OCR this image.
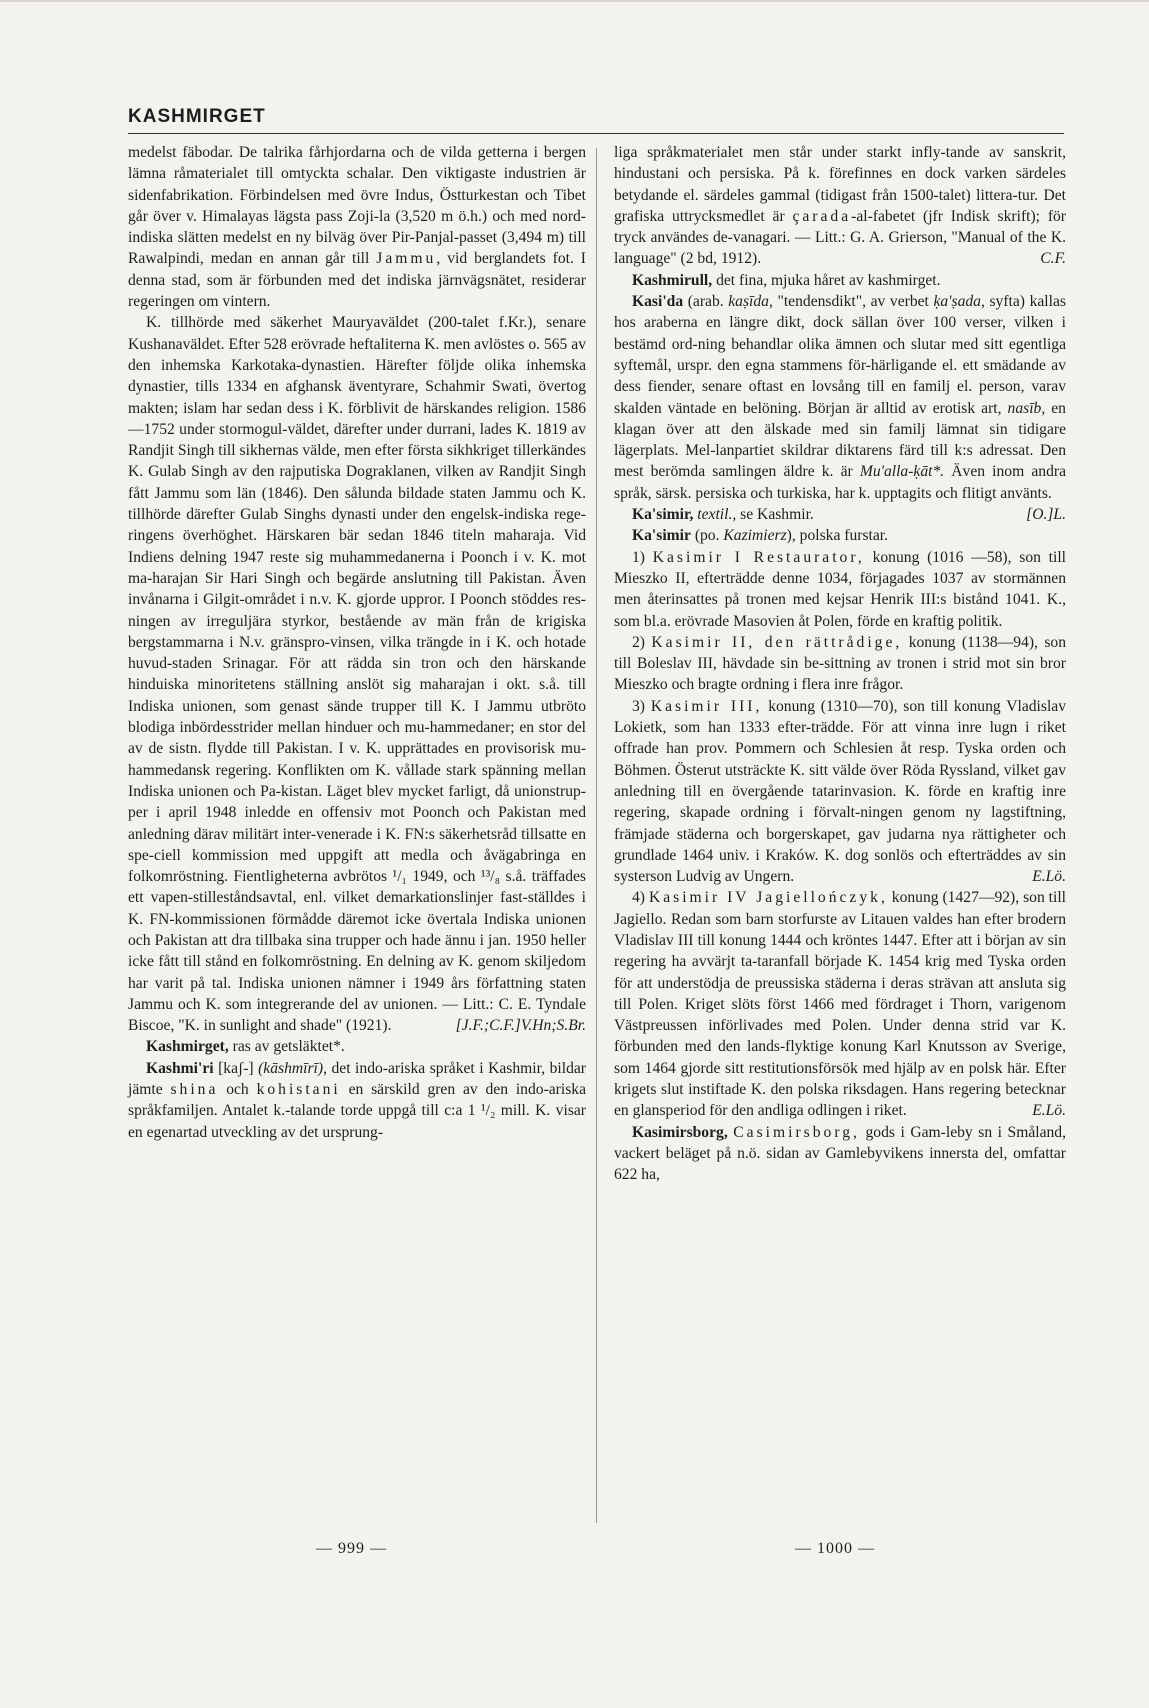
KASHMIRGET

medelst fäbodar. De talrika fårhjordarna och de vilda getterna i bergen lämna råmaterialet till omtyckta schalar. Den viktigaste industrien är sidenfabrikation. Förbindelsen med övre Indus, Östturkestan och Tibet går över v. Himalayas lägsta pass Zoji-la (3,520 m ö.h.) och med nord-indiska slätten medelst en ny bilväg över Pir-Panjal-passet (3,494 m) till Rawalpindi, medan en annan går till Jammu, vid berglandets fot. I denna stad, som är förbunden med det indiska järnvägsnätet, residerar regeringen om vintern.

K. tillhörde med säkerhet Mauryaväldet (200-talet f.Kr.), senare Kushanaväldet. Efter 528 erövrade heftaliterna K. men avlöstes o. 565 av den inhemska Karkotaka-dynastien. Härefter följde olika inhemska dynastier, tills 1334 en afghansk äventyrare, Schahmir Swati, övertog makten; islam har sedan dess i K. förblivit de härskandes religion. 1586—1752 under stormogul-väldet, därefter under durrani, lades K. 1819 av Randjit Singh till sikhernas välde, men efter första sikhkriget tillerkändes K. Gulab Singh av den rajputiska Dograklanen, vilken av Randjit Singh fått Jammu som län (1846). Den sålunda bildade staten Jammu och K. tillhörde därefter Gulab Singhs dynasti under den engelsk-indiska rege-ringens överhöghet. Härskaren bär sedan 1846 titeln maharaja. Vid Indiens delning 1947 reste sig muhammedanerna i Poonch i v. K. mot ma-harajan Sir Hari Singh och begärde anslutning till Pakistan. Även invånarna i Gilgit-området i n.v. K. gjorde uppror. I Poonch stöddes res-ningen av irreguljära styrkor, bestående av män från de krigiska bergstammarna i N.v. gränspro-vinsen, vilka trängde in i K. och hotade huvud-staden Srinagar. För att rädda sin tron och den härskande hinduiska minoritetens ställning anslöt sig maharajan i okt. s.å. till Indiska unionen, som genast sände trupper till K. I Jammu utbröto blodiga inbördesstrider mellan hinduer och mu-hammedaner; en stor del av de sistn. flydde till Pakistan. I v. K. upprättades en provisorisk mu-hammedansk regering. Konflikten om K. vållade stark spänning mellan Indiska unionen och Pa-kistan. Läget blev mycket farligt, då unionstrup-per i april 1948 inledde en offensiv mot Poonch och Pakistan med anledning därav militärt inter-venerade i K. FN:s säkerhetsråd tillsatte en spe-ciell kommission med uppgift att medla och åvägabringa en folkomröstning. Fientligheterna avbrötos ¹/₁ 1949, och ¹³/₈ s.å. träffades ett vapen-stilleståndsavtal, enl. vilket demarkationslinjer fast-ställdes i K. FN-kommissionen förmådde däremot icke övertala Indiska unionen och Pakistan att dra tillbaka sina trupper och hade ännu i jan. 1950 heller icke fått till stånd en folkomröstning. En delning av K. genom skiljedom har varit på tal. Indiska unionen nämner i 1949 års författning staten Jammu och K. som integrerande del av unionen. — Litt.: C. E. Tyndale Biscoe, "K. in sunlight and shade" (1921).	[J.F.;C.F.]V.Hn;S.Br.

Kashmirget, ras av getsläktet*.

Kashmi'ri [kaʃ-] (kāshmīrī), det indo-ariska språket i Kashmir, bildar jämte shina och kohistani en särskild gren av den indo-ariska språkfamiljen. Antalet k.-talande torde uppgå till c:a 1 ¹/₂ mill. K. visar en egenartad utveckling av det ursprung-

liga språkmaterialet men står under starkt infly-tande av sanskrit, hindustani och persiska. På k. förefinnes en dock varken särdeles betydande el. särdeles gammal (tidigast från 1500-talet) littera-tur. Det grafiska uttrycksmedlet är çarada-al-fabetet (jfr Indisk skrift); för tryck användes de-vanagari. — Litt.: G. A. Grierson, "Manual of the K. language" (2 bd, 1912).	C.F.

Kashmirull, det fina, mjuka håret av kashmirget.

Kasi'da (arab. kaṣīda, "tendensdikt", av verbet ḳa'ṣada, syfta) kallas hos araberna en längre dikt, dock sällan över 100 verser, vilken i bestämd ord-ning behandlar olika ämnen och slutar med sitt egentliga syftemål, urspr. den egna stammens för-härligande el. ett smädande av dess fiender, senare oftast en lovsång till en familj el. person, varav skalden väntade en belöning. Början är alltid av erotisk art, nasīb, en klagan över att den älskade med sin familj lämnat sin tidigare lägerplats. Mel-lanpartiet skildrar diktarens färd till k:s adressat. Den mest berömda samlingen äldre k. är Mu'alla-ḳāt*. Även inom andra språk, särsk. persiska och turkiska, har k. upptagits och flitigt använts.
[O.]L.

Ka'simir, textil., se Kashmir.

Ka'simir (po. Kazimierz), polska furstar.

1) Kasimir I Restaurator, konung (1016 —58), son till Mieszko II, efterträdde denne 1034, förjagades 1037 av stormännen men återinsattes på tronen med kejsar Henrik III:s bistånd 1041. K., som bl.a. erövrade Masovien åt Polen, förde en kraftig politik.

2) Kasimir II, den rättrådige, konung (1138—94), son till Boleslav III, hävdade sin be-sittning av tronen i strid mot sin bror Mieszko och bragte ordning i flera inre frågor.

3) Kasimir III, konung (1310—70), son till konung Vladislav Lokietk, som han 1333 efter-trädde. För att vinna inre lugn i riket offrade han prov. Pommern och Schlesien åt resp. Tyska orden och Böhmen. Österut utsträckte K. sitt välde över Röda Ryssland, vilket gav anledning till en övergående tatarinvasion. K. förde en kraftig inre regering, skapade ordning i förvalt-ningen genom ny lagstiftning, främjade städerna och borgerskapet, gav judarna nya rättigheter och grundlade 1464 univ. i Kraków. K. dog sonlös och efterträddes av sin systerson Ludvig av Ungern.	E.Lö.

4) Kasimir IV Jagiellończyk, konung (1427—92), son till Jagiello. Redan som barn storfurste av Litauen valdes han efter brodern Vladislav III till konung 1444 och kröntes 1447. Efter att i början av sin regering ha avvärjt ta-taranfall började K. 1454 krig med Tyska orden för att understödja de preussiska städerna i deras strävan att ansluta sig till Polen. Kriget slöts först 1466 med fördraget i Thorn, varigenom Västpreussen införlivades med Polen. Under denna strid var K. förbunden med den lands-flyktige konung Karl Knutsson av Sverige, som 1464 gjorde sitt restitutionsförsök med hjälp av en polsk här. Efter krigets slut instiftade K. den polska riksdagen. Hans regering betecknar en glansperiod för den andliga odlingen i riket.	E.Lö.

Kasimirsborg, Casimirsborg, gods i Gam-leby sn i Småland, vackert beläget på n.ö. sidan av Gamlebyvikens innersta del, omfattar 622 ha,

— 999 —	— 1000 —
